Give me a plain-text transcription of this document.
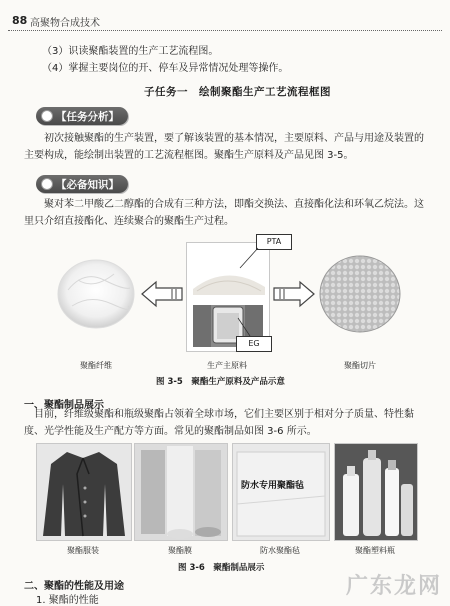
88 高聚物合成技术
（3）识读聚酯装置的生产工艺流程图。
（4）掌握主要岗位的开、停车及异常情况处理等操作。
子任务一　绘制聚酯生产工艺流程框图
【任务分析】
初次接触聚酯的生产装置，要了解该装置的基本情况，主要原料、产品与用途及装置的
主要构成，能绘制出装置的工艺流程框图。聚酯生产原料及产品见图 3-5。
【必备知识】
聚对苯二甲酸乙二醇酯的合成有三种方法，即酯交换法、直接酯化法和环氧乙烷法。这
里只介绍直接酯化、连续聚合的聚酯生产过程。
PTA
EG
聚酯纤维	生产主原料	聚酯切片
图 3-5　聚酯生产原料及产品示意
一、聚酯制品展示
目前，纤维级聚酯和瓶级聚酯占领着全球市场，它们主要区别于相对分子质量、特性黏
度、光学性能及生产配方等方面。常见的聚酯制品如图 3-6 所示。
防水专用聚酯毡
聚酯服装	聚酯膜	防水聚酯毡	聚酯塑料瓶
图 3-6　聚酯制品展示
二、聚酯的性能及用途
1. 聚酯的性能
广东龙网
